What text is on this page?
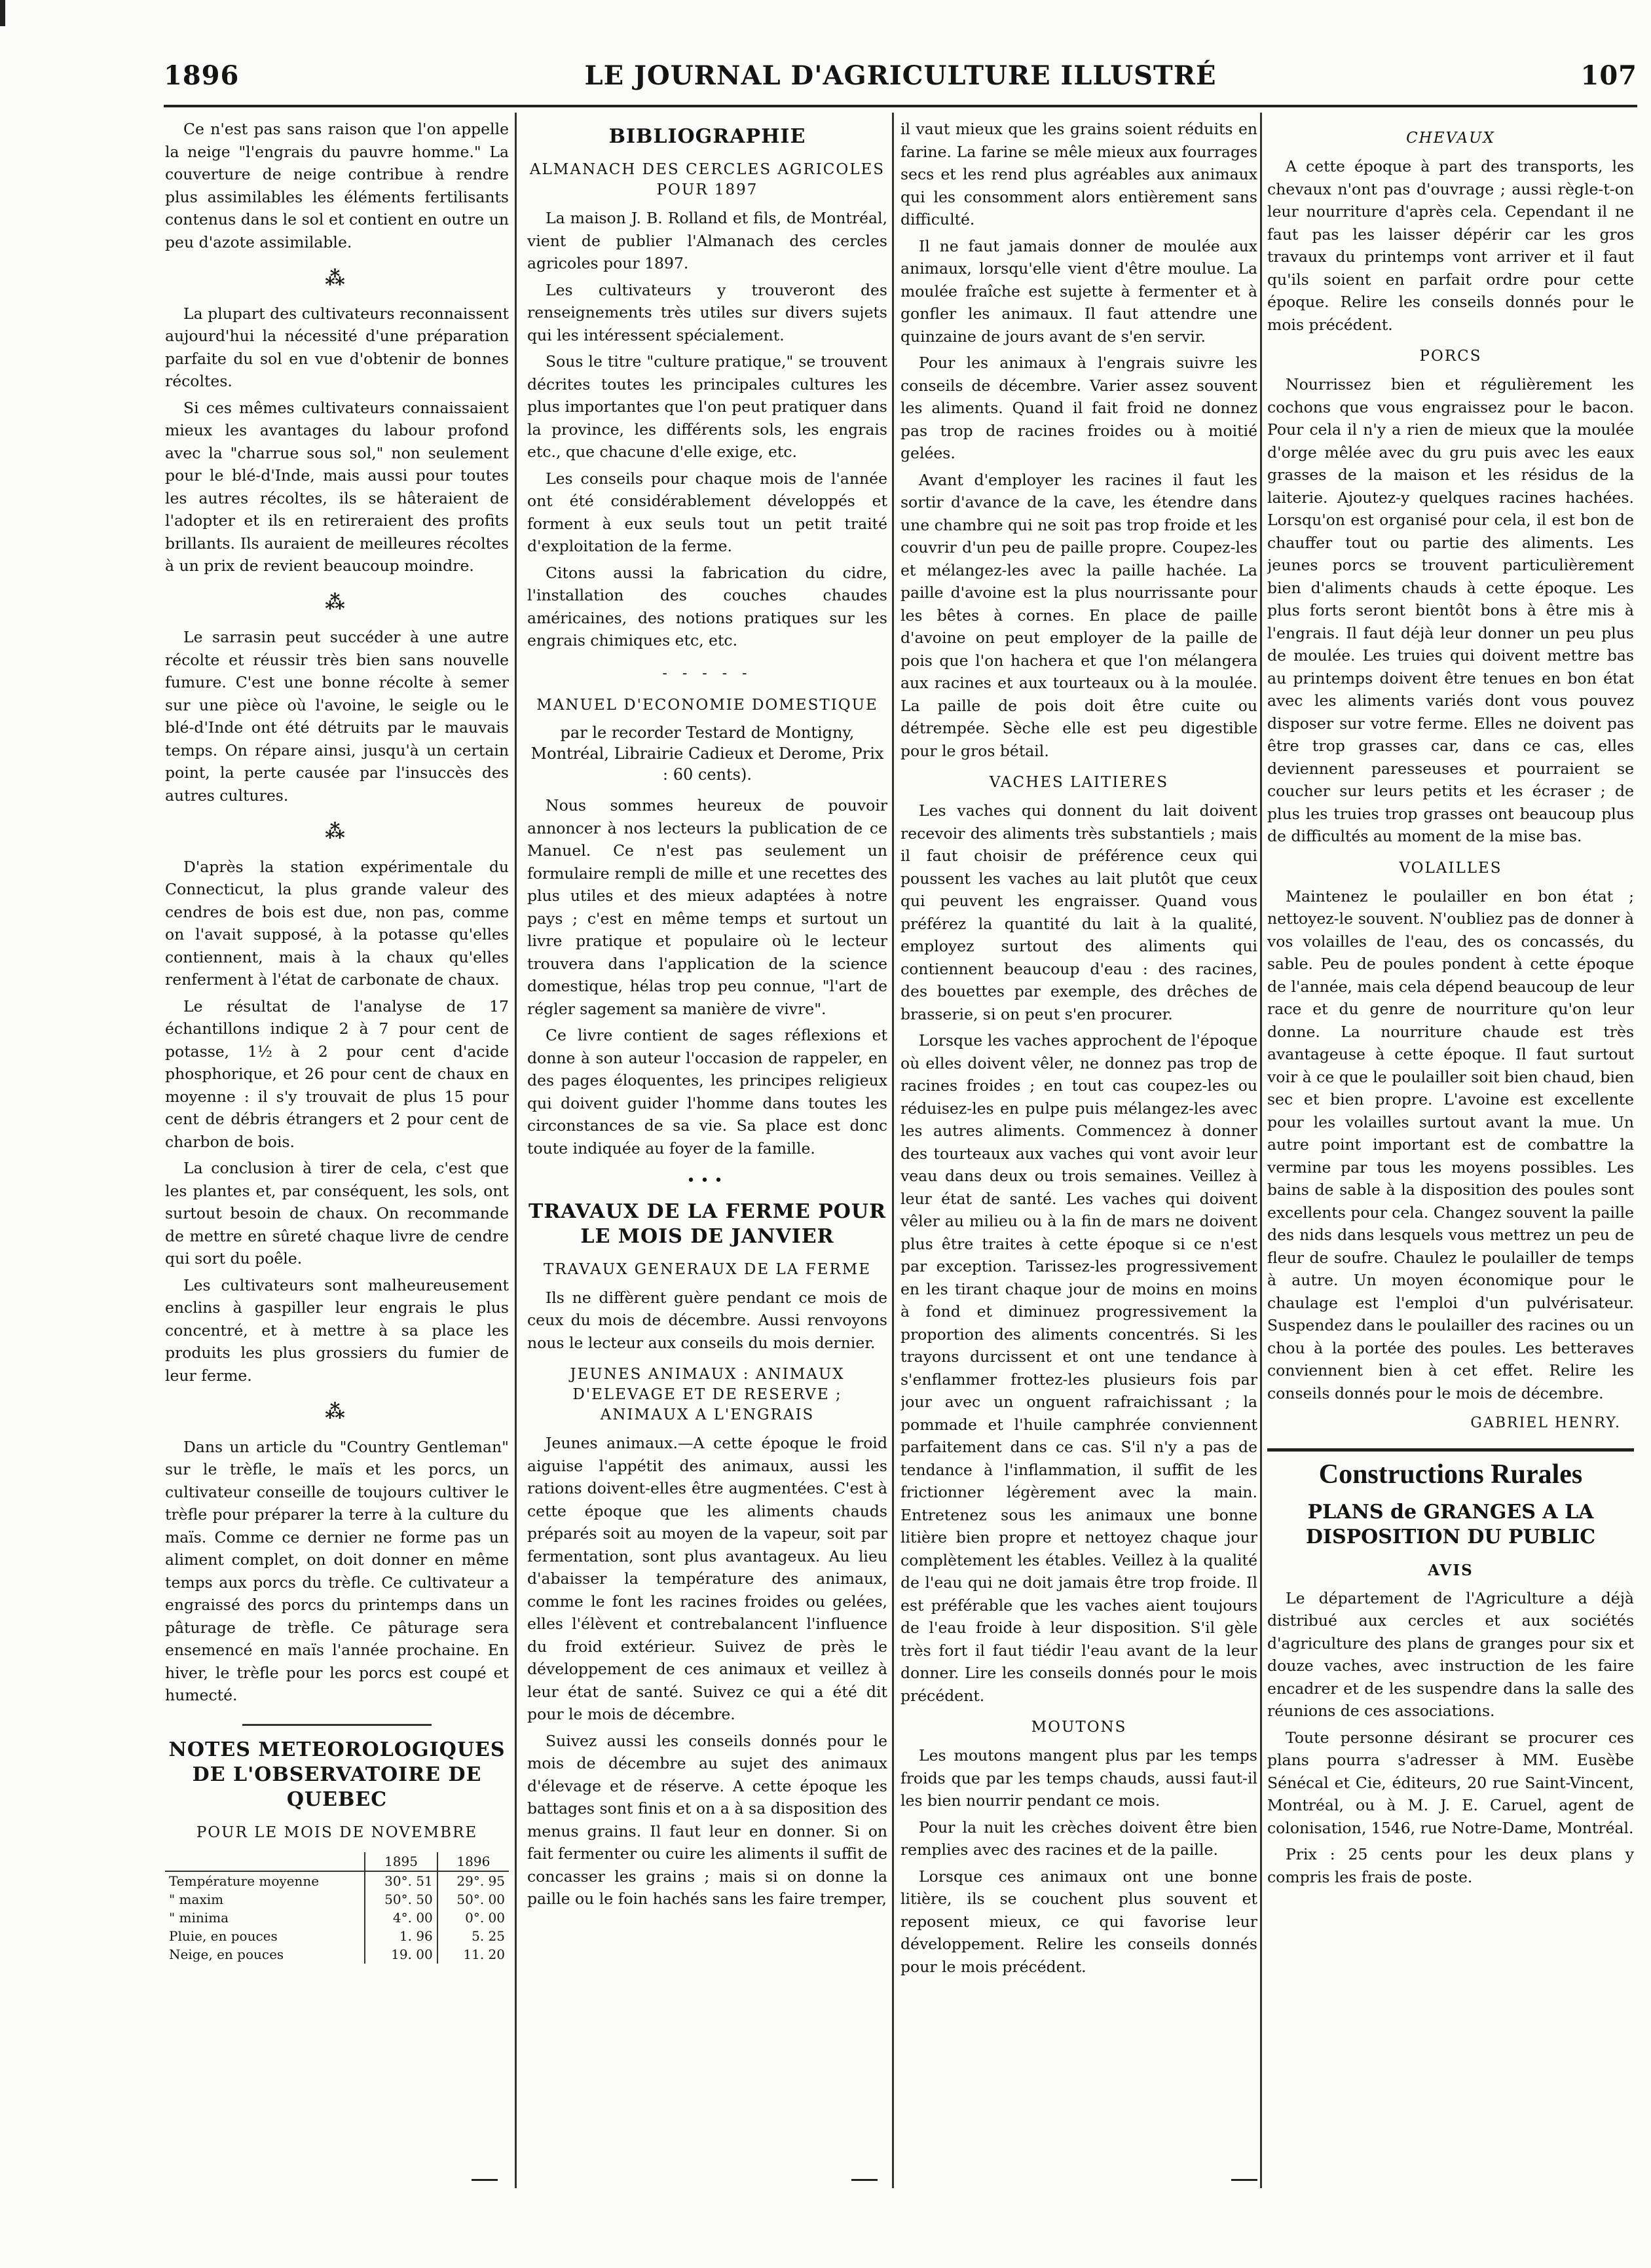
1896	LE JOURNAL D'AGRICULTURE ILLUSTRÉ	107

Ce n'est pas sans raison que l'on appelle la neige "l'engrais du pauvre homme." La couverture de neige contribue à rendre plus assimilables les éléments fertilisants contenus dans le sol et contient en outre un peu d'azote assimilable.

⁂

La plupart des cultivateurs reconnaissent aujourd'hui la nécessité d'une préparation parfaite du sol en vue d'obtenir de bonnes récoltes.

Si ces mêmes cultivateurs connaissaient mieux les avantages du labour profond avec la "charrue sous sol," non seulement pour le blé-d'Inde, mais aussi pour toutes les autres récoltes, ils se hâteraient de l'adopter et ils en retireraient des profits brillants. Ils auraient de meilleures récoltes à un prix de revient beaucoup moindre.

⁂

Le sarrasin peut succéder à une autre récolte et réussir très bien sans nouvelle fumure. C'est une bonne récolte à semer sur une pièce où l'avoine, le seigle ou le blé-d'Inde ont été détruits par le mauvais temps. On répare ainsi, jusqu'à un certain point, la perte causée par l'insuccès des autres cultures.

⁂

D'après la station expérimentale du Connecticut, la plus grande valeur des cendres de bois est due, non pas, comme on l'avait supposé, à la potasse qu'elles contiennent, mais à la chaux qu'elles renferment à l'état de carbonate de chaux.

Le résultat de l'analyse de 17 échantillons indique 2 à 7 pour cent de potasse, 1½ à 2 pour cent d'acide phosphorique, et 26 pour cent de chaux en moyenne : il s'y trouvait de plus 15 pour cent de débris étrangers et 2 pour cent de charbon de bois.

La conclusion à tirer de cela, c'est que les plantes et, par conséquent, les sols, ont surtout besoin de chaux. On recommande de mettre en sûreté chaque livre de cendre qui sort du poêle.

Les cultivateurs sont malheureusement enclins à gaspiller leur engrais le plus concentré, et à mettre à sa place les produits les plus grossiers du fumier de leur ferme.

⁂

Dans un article du "Country Gentleman" sur le trèfle, le maïs et les porcs, un cultivateur conseille de toujours cultiver le trèfle pour préparer la terre à la culture du maïs. Comme ce dernier ne forme pas un aliment complet, on doit donner en même temps aux porcs du trèfle. Ce cultivateur a engraissé des porcs du printemps dans un pâturage de trèfle. Ce pâturage sera ensemencé en maïs l'année prochaine. En hiver, le trèfle pour les porcs est coupé et humecté.

NOTES METEOROLOGIQUES DE L'OBSERVATOIRE DE QUEBEC
POUR LE MOIS DE NOVEMBRE
	1895	1896
Température moyenne	30°. 51	29°. 95
" maxim	50°. 50	50°. 00
" minima	4°. 00	0°. 00
Pluie, en pouces	1. 96	5. 25
Neige, en pouces	19. 00	11. 20
BIBLIOGRAPHIE
ALMANACH DES CERCLES AGRICOLES POUR 1897

La maison J. B. Rolland et fils, de Montréal, vient de publier l'Almanach des cercles agricoles pour 1897.

Les cultivateurs y trouveront des renseignements très utiles sur divers sujets qui les intéressent spécialement.

Sous le titre "culture pratique," se trouvent décrites toutes les principales cultures les plus importantes que l'on peut pratiquer dans la province, les différents sols, les engrais etc., que chacune d'elle exige, etc.

Les conseils pour chaque mois de l'année ont été considérablement développés et forment à eux seuls tout un petit traité d'exploitation de la ferme.

Citons aussi la fabrication du cidre, l'installation des couches chaudes américaines, des notions pratiques sur les engrais chimiques etc, etc.

- - - - -
MANUEL D'ECONOMIE DOMESTIQUE
par le recorder Testard de Montigny, Montréal, Librairie Cadieux et Derome, Prix : 60 cents).

Nous sommes heureux de pouvoir annoncer à nos lecteurs la publication de ce Manuel. Ce n'est pas seulement un formulaire rempli de mille et une recettes des plus utiles et des mieux adaptées à notre pays ; c'est en même temps et surtout un livre pratique et populaire où le lecteur trouvera dans l'application de la science domestique, hélas trop peu connue, "l'art de régler sagement sa manière de vivre".

Ce livre contient de sages réflexions et donne à son auteur l'occasion de rappeler, en des pages éloquentes, les principes religieux qui doivent guider l'homme dans toutes les circonstances de sa vie. Sa place est donc toute indiquée au foyer de la famille.

•••
TRAVAUX DE LA FERME POUR LE MOIS DE JANVIER
TRAVAUX GENERAUX DE LA FERME

Ils ne diffèrent guère pendant ce mois de ceux du mois de décembre. Aussi renvoyons nous le lecteur aux conseils du mois dernier.

JEUNES ANIMAUX : ANIMAUX D'ELEVAGE ET DE RESERVE ; ANIMAUX A L'ENGRAIS

Jeunes animaux.—A cette époque le froid aiguise l'appétit des animaux, aussi les rations doivent-elles être augmentées. C'est à cette époque que les aliments chauds préparés soit au moyen de la vapeur, soit par fermentation, sont plus avantageux. Au lieu d'abaisser la température des animaux, comme le font les racines froides ou gelées, elles l'élèvent et contrebalancent l'influence du froid extérieur. Suivez de près le développement de ces animaux et veillez à leur état de santé. Suivez ce qui a été dit pour le mois de décembre.

Suivez aussi les conseils donnés pour le mois de décembre au sujet des animaux d'élevage et de réserve. A cette époque les battages sont finis et on a à sa disposition des menus grains. Il faut leur en donner. Si on fait fermenter ou cuire les aliments il suffit de concasser les grains ; mais si on donne la paille ou le foin hachés sans les faire tremper,

il vaut mieux que les grains soient réduits en farine. La farine se mêle mieux aux fourrages secs et les rend plus agréables aux animaux qui les consomment alors entièrement sans difficulté.

Il ne faut jamais donner de moulée aux animaux, lorsqu'elle vient d'être moulue. La moulée fraîche est sujette à fermenter et à gonfler les animaux. Il faut attendre une quinzaine de jours avant de s'en servir.

Pour les animaux à l'engrais suivre les conseils de décembre. Varier assez souvent les aliments. Quand il fait froid ne donnez pas trop de racines froides ou à moitié gelées.

Avant d'employer les racines il faut les sortir d'avance de la cave, les étendre dans une chambre qui ne soit pas trop froide et les couvrir d'un peu de paille propre. Coupez-les et mélangez-les avec la paille hachée. La paille d'avoine est la plus nourrissante pour les bêtes à cornes. En place de paille d'avoine on peut employer de la paille de pois que l'on hachera et que l'on mélangera aux racines et aux tourteaux ou à la moulée. La paille de pois doit être cuite ou détrempée. Sèche elle est peu digestible pour le gros bétail.

VACHES LAITIERES

Les vaches qui donnent du lait doivent recevoir des aliments très substantiels ; mais il faut choisir de préférence ceux qui poussent les vaches au lait plutôt que ceux qui peuvent les engraisser. Quand vous préférez la quantité du lait à la qualité, employez surtout des aliments qui contiennent beaucoup d'eau : des racines, des bouettes par exemple, des drêches de brasserie, si on peut s'en procurer.

Lorsque les vaches approchent de l'époque où elles doivent vêler, ne donnez pas trop de racines froides ; en tout cas coupez-les ou réduisez-les en pulpe puis mélangez-les avec les autres aliments. Commencez à donner des tourteaux aux vaches qui vont avoir leur veau dans deux ou trois semaines. Veillez à leur état de santé. Les vaches qui doivent vêler au milieu ou à la fin de mars ne doivent plus être traites à cette époque si ce n'est par exception. Tarissez-les progressivement en les tirant chaque jour de moins en moins à fond et diminuez progressivement la proportion des aliments concentrés. Si les trayons durcissent et ont une tendance à s'enflammer frottez-les plusieurs fois par jour avec un onguent rafraichissant ; la pommade et l'huile camphrée conviennent parfaitement dans ce cas. S'il n'y a pas de tendance à l'inflammation, il suffit de les frictionner légèrement avec la main. Entretenez sous les animaux une bonne litière bien propre et nettoyez chaque jour complètement les étables. Veillez à la qualité de l'eau qui ne doit jamais être trop froide. Il est préférable que les vaches aient toujours de l'eau froide à leur disposition. S'il gèle très fort il faut tiédir l'eau avant de la leur donner. Lire les conseils donnés pour le mois précédent.

MOUTONS

Les moutons mangent plus par les temps froids que par les temps chauds, aussi faut-il les bien nourrir pendant ce mois.

Pour la nuit les crèches doivent être bien remplies avec des racines et de la paille.

Lorsque ces animaux ont une bonne litière, ils se couchent plus souvent et reposent mieux, ce qui favorise leur développement. Relire les conseils donnés pour le mois précédent.

CHEVAUX

A cette époque à part des transports, les chevaux n'ont pas d'ouvrage ; aussi règle-t-on leur nourriture d'après cela. Cependant il ne faut pas les laisser dépérir car les gros travaux du printemps vont arriver et il faut qu'ils soient en parfait ordre pour cette époque. Relire les conseils donnés pour le mois précédent.

PORCS

Nourrissez bien et régulièrement les cochons que vous engraissez pour le bacon. Pour cela il n'y a rien de mieux que la moulée d'orge mêlée avec du gru puis avec les eaux grasses de la maison et les résidus de la laiterie. Ajoutez-y quelques racines hachées. Lorsqu'on est organisé pour cela, il est bon de chauffer tout ou partie des aliments. Les jeunes porcs se trouvent particulièrement bien d'aliments chauds à cette époque. Les plus forts seront bientôt bons à être mis à l'engrais. Il faut déjà leur donner un peu plus de moulée. Les truies qui doivent mettre bas au printemps doivent être tenues en bon état avec les aliments variés dont vous pouvez disposer sur votre ferme. Elles ne doivent pas être trop grasses car, dans ce cas, elles deviennent paresseuses et pourraient se coucher sur leurs petits et les écraser ; de plus les truies trop grasses ont beaucoup plus de difficultés au moment de la mise bas.

VOLAILLES

Maintenez le poulailler en bon état ; nettoyez-le souvent. N'oubliez pas de donner à vos volailles de l'eau, des os concassés, du sable. Peu de poules pondent à cette époque de l'année, mais cela dépend beaucoup de leur race et du genre de nourriture qu'on leur donne. La nourriture chaude est très avantageuse à cette époque. Il faut surtout voir à ce que le poulailler soit bien chaud, bien sec et bien propre. L'avoine est excellente pour les volailles surtout avant la mue. Un autre point important est de combattre la vermine par tous les moyens possibles. Les bains de sable à la disposition des poules sont excellents pour cela. Changez souvent la paille des nids dans lesquels vous mettrez un peu de fleur de soufre. Chaulez le poulailler de temps à autre. Un moyen économique pour le chaulage est l'emploi d'un pulvérisateur. Suspendez dans le poulailler des racines ou un chou à la portée des poules. Les betteraves conviennent bien à cet effet. Relire les conseils donnés pour le mois de décembre.

GABRIEL HENRY.
Constructions Rurales
PLANS de GRANGES A LA DISPOSITION DU PUBLIC
AVIS

Le département de l'Agriculture a déjà distribué aux cercles et aux sociétés d'agriculture des plans de granges pour six et douze vaches, avec instruction de les faire encadrer et de les suspendre dans la salle des réunions de ces associations.

Toute personne désirant se procurer ces plans pourra s'adresser à MM. Eusèbe Sénécal et Cie, éditeurs, 20 rue Saint-Vincent, Montréal, ou à M. J. E. Caruel, agent de colonisation, 1546, rue Notre-Dame, Montréal.

Prix : 25 cents pour les deux plans y compris les frais de poste.
